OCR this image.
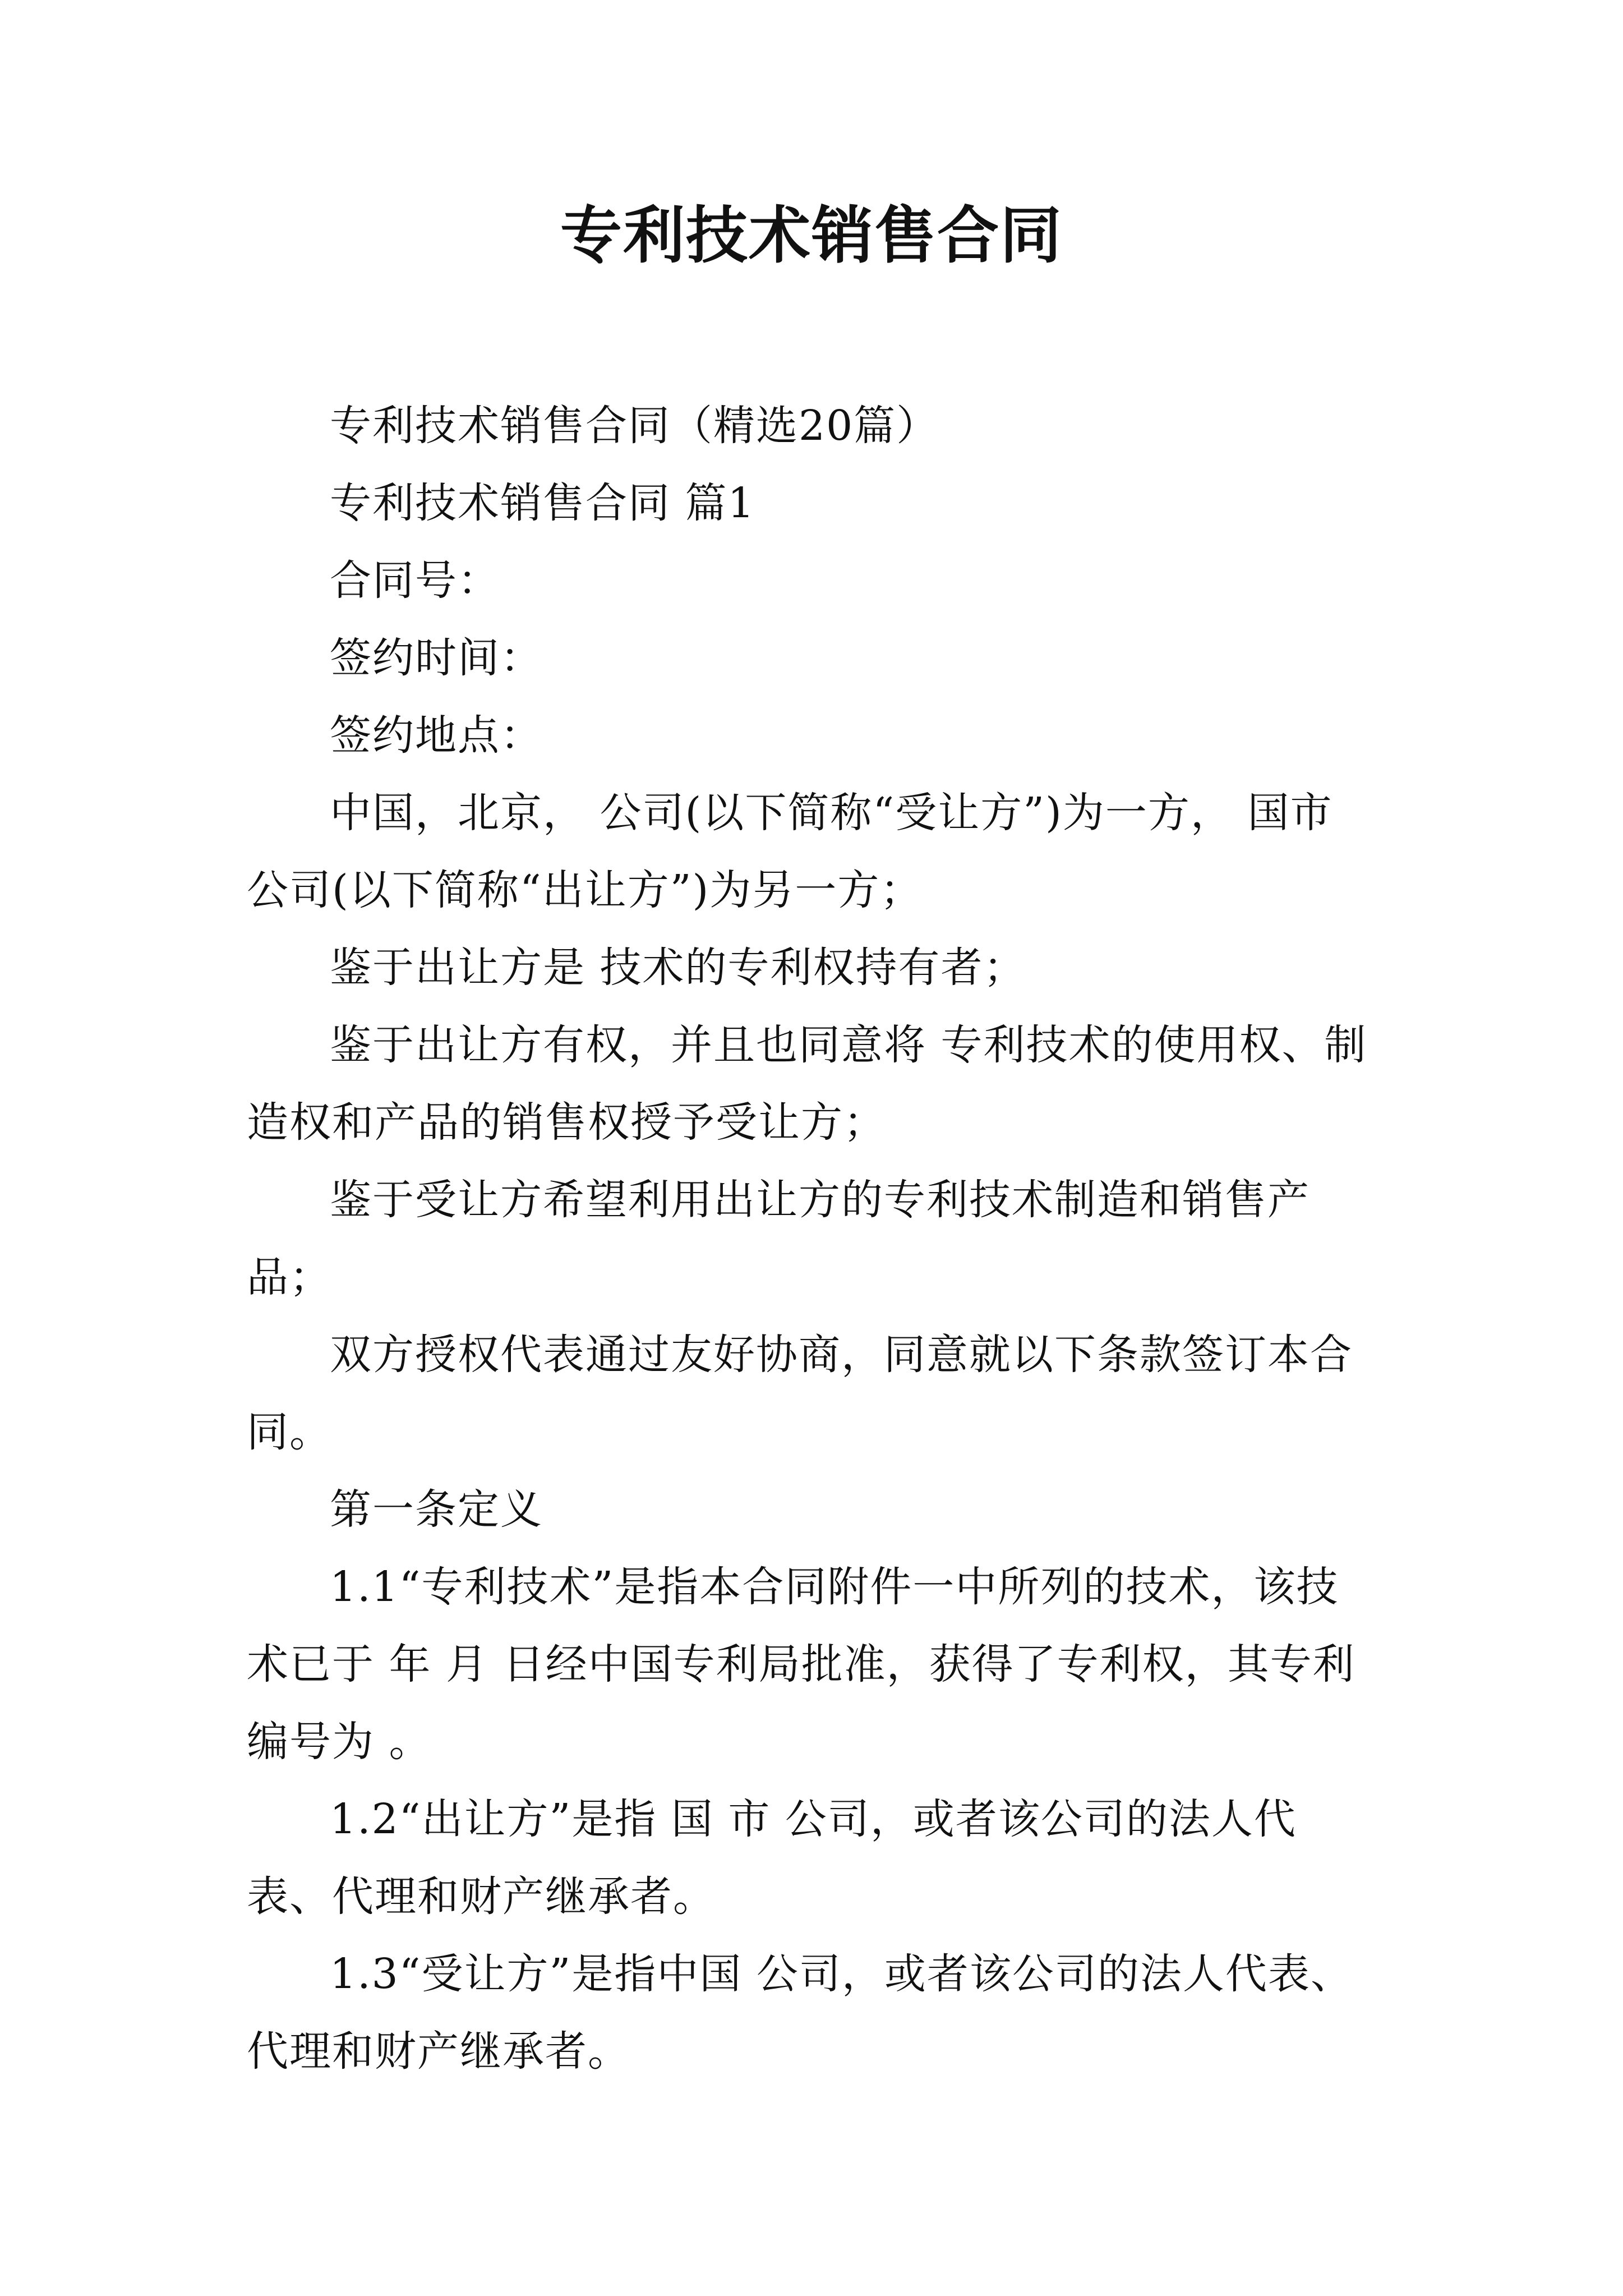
专利技术销售合同

专利技术销售合同（精选20篇）

专利技术销售合同 篇1

合同号：

签约时间：

签约地点：

中国，北京， 公司(以下简称“受让方”)为一方， 国市 公司(以下简称“出让方”)为另一方；

鉴于出让方是 技术的专利权持有者；

鉴于出让方有权，并且也同意将 专利技术的使用权、制造权和产品的销售权授予受让方；

鉴于受让方希望利用出让方的专利技术制造和销售产品；

双方授权代表通过友好协商，同意就以下条款签订本合同。

第一条定义

1.1“专利技术”是指本合同附件一中所列的技术，该技术已于 年 月 日经中国专利局批准，获得了专利权，其专利编号为 。

1.2“出让方”是指 国 市 公司，或者该公司的法人代表、代理和财产继承者。

1.3“受让方”是指中国 公司，或者该公司的法人代表、代理和财产继承者。
